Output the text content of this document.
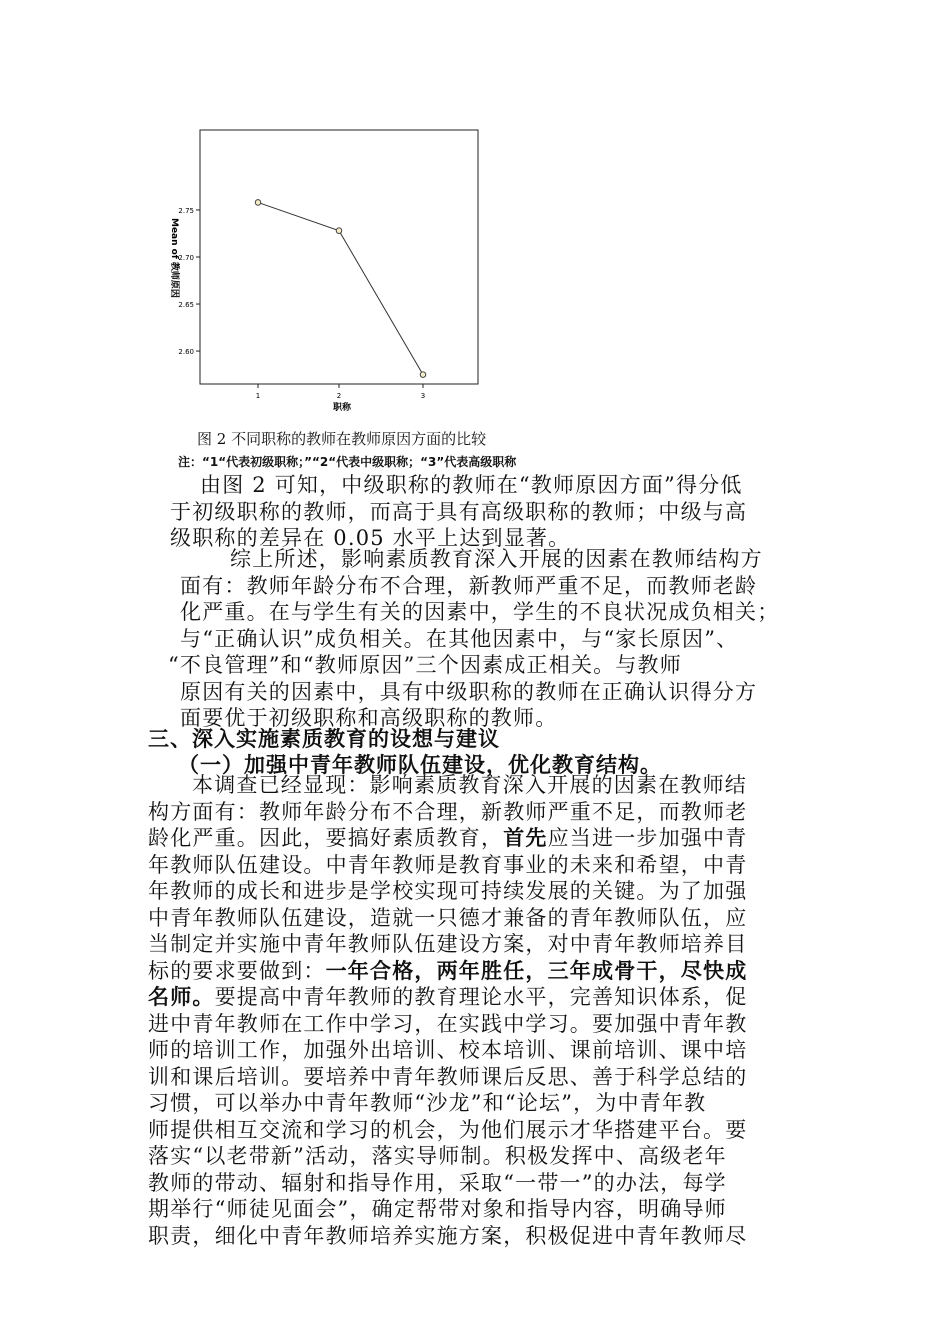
Mean of 教师原因
职称
2.75
2.70
2.65
2.60
1	2	3
图 2 不同职称的教师在教师原因方面的比较
注：“1“代表初级职称；”“2“代表中级职称；“3”代表高级职称
由图 2 可知，中级职称的教师在“教师原因方面”得分低
于初级职称的教师，而高于具有高级职称的教师；中级与高
级职称的差异在 0.05 水平上达到显著。
综上所述，影响素质教育深入开展的因素在教师结构方
面有：教师年龄分布不合理，新教师严重不足，而教师老龄
化严重。在与学生有关的因素中，学生的不良状况成负相关；
与“正确认识”成负相关。在其他因素中，与“家长原因”、
“不良管理”和“教师原因”三个因素成正相关。与教师
原因有关的因素中，具有中级职称的教师在正确认识得分方
面要优于初级职称和高级职称的教师。
三、深入实施素质教育的设想与建议
（一）加强中青年教师队伍建设，优化教育结构。
本调查已经显现：影响素质教育深入开展的因素在教师结
构方面有：教师年龄分布不合理，新教师严重不足，而教师老
龄化严重。因此，要搞好素质教育，首先应当进一步加强中青
年教师队伍建设。中青年教师是教育事业的未来和希望，中青
年教师的成长和进步是学校实现可持续发展的关键。为了加强
中青年教师队伍建设，造就一只德才兼备的青年教师队伍，应
当制定并实施中青年教师队伍建设方案，对中青年教师培养目
标的要求要做到：一年合格，两年胜任，三年成骨干，尽快成
名师。要提高中青年教师的教育理论水平，完善知识体系，促
进中青年教师在工作中学习，在实践中学习。要加强中青年教
师的培训工作，加强外出培训、校本培训、课前培训、课中培
训和课后培训。要培养中青年教师课后反思、善于科学总结的
习惯，可以举办中青年教师“沙龙”和“论坛”，为中青年教
师提供相互交流和学习的机会，为他们展示才华搭建平台。要
落实“以老带新”活动，落实导师制。积极发挥中、高级老年
教师的带动、辐射和指导作用，采取“一带一”的办法，每学
期举行“师徒见面会”，确定帮带对象和指导内容，明确导师
职责，细化中青年教师培养实施方案，积极促进中青年教师尽
